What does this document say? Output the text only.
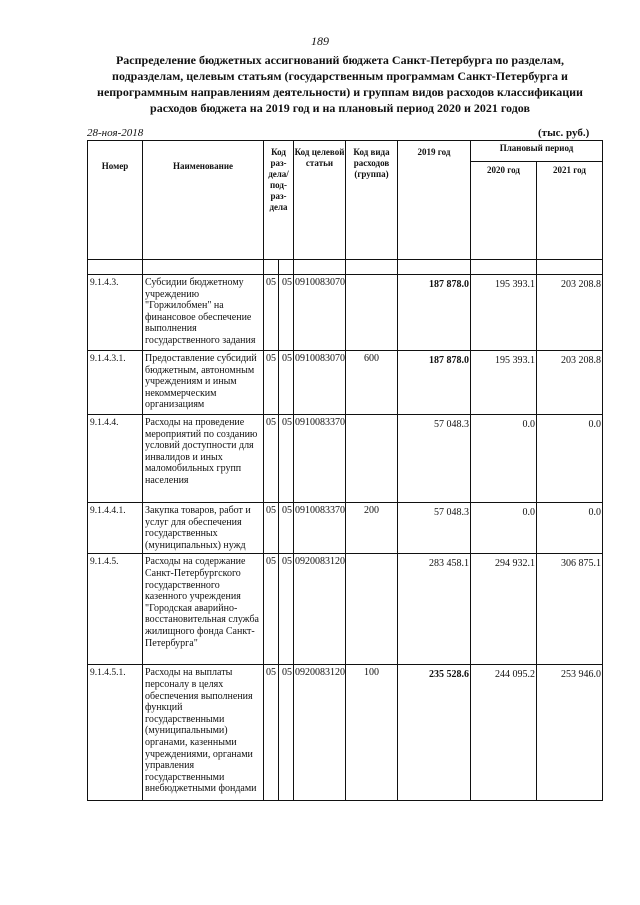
189
Распределение бюджетных ассигнований бюджета Санкт-Петербурга по разделам, подразделам, целевым статьям (государственным программам Санкт-Петербурга и непрограммным направлениям деятельности) и группам видов расходов классификации расходов бюджета на 2019 год и на плановый период 2020 и 2021 годов
28-ноя-2018	(тыс. руб.)
Номер	Наименование	Код раз-дела/ под-раз-дела		Код целевой статьи	Код вида расходов (группа)	2019 год	Плановый период	
							2020 год	2021 год

9.1.4.3.	Субсидии бюджетному учреждению "Горжилобмен" на финансовое обеспечение выполнения государственного задания	05	05	0910083070		187 878.0	195 393.1	203 208.8
9.1.4.3.1.	Предоставление субсидий бюджетным, автономным учреждениям и иным некоммерческим организациям	05	05	0910083070	600	187 878.0	195 393.1	203 208.8
9.1.4.4.	Расходы на проведение мероприятий по созданию условий доступности для инвалидов и иных маломобильных групп населения	05	05	0910083370		57 048.3	0.0	0.0
9.1.4.4.1.	Закупка товаров, работ и услуг для обеспечения государственных (муниципальных) нужд	05	05	0910083370	200	57 048.3	0.0	0.0
9.1.4.5.	Расходы на содержание Санкт-Петербургского государственного казенного учреждения "Городская аварийно-восстановительная служба жилищного фонда Санкт-Петербурга"	05	05	0920083120		283 458.1	294 932.1	306 875.1
9.1.4.5.1.	Расходы на выплаты персоналу в целях обеспечения выполнения функций государственными (муниципальными) органами, казенными учреждениями, органами управления государственными внебюджетными фондами	05	05	0920083120	100	235 528.6	244 095.2	253 946.0
